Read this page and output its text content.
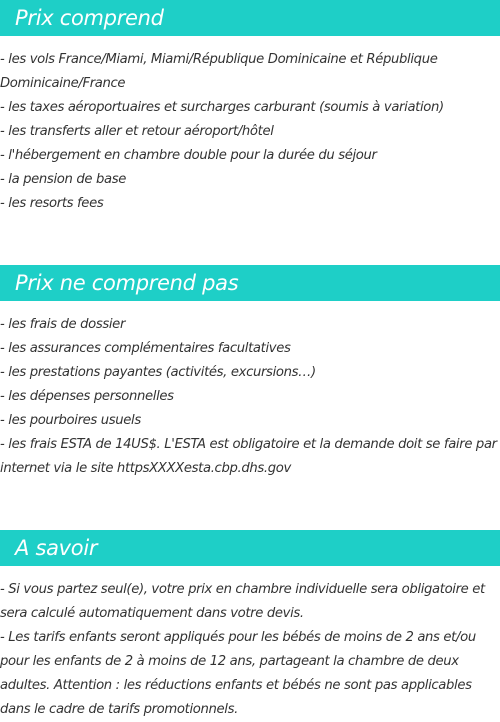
Prix comprend

- les vols France/Miami, Miami/République Dominicaine et République Dominicaine/France

- les taxes aéroportuaires et surcharges carburant (soumis à variation)

- les transferts aller et retour aéroport/hôtel

- l'hébergement en chambre double pour la durée du séjour

- la pension de base

- les resorts fees

Prix ne comprend pas

- les frais de dossier

- les assurances complémentaires facultatives

- les prestations payantes (activités, excursions…)

- les dépenses personnelles

- les pourboires usuels

- les frais ESTA de 14US$. L'ESTA est obligatoire et la demande doit se faire par internet via le site httpsXXXXesta.cbp.dhs.gov

A savoir

- Si vous partez seul(e), votre prix en chambre individuelle sera obligatoire et sera calculé automatiquement dans votre devis.

- Les tarifs enfants seront appliqués pour les bébés de moins de 2 ans et/ou pour les enfants de 2 à moins de 12 ans, partageant la chambre de deux adultes. Attention : les réductions enfants et bébés ne sont pas applicables dans le cadre de tarifs promotionnels.
